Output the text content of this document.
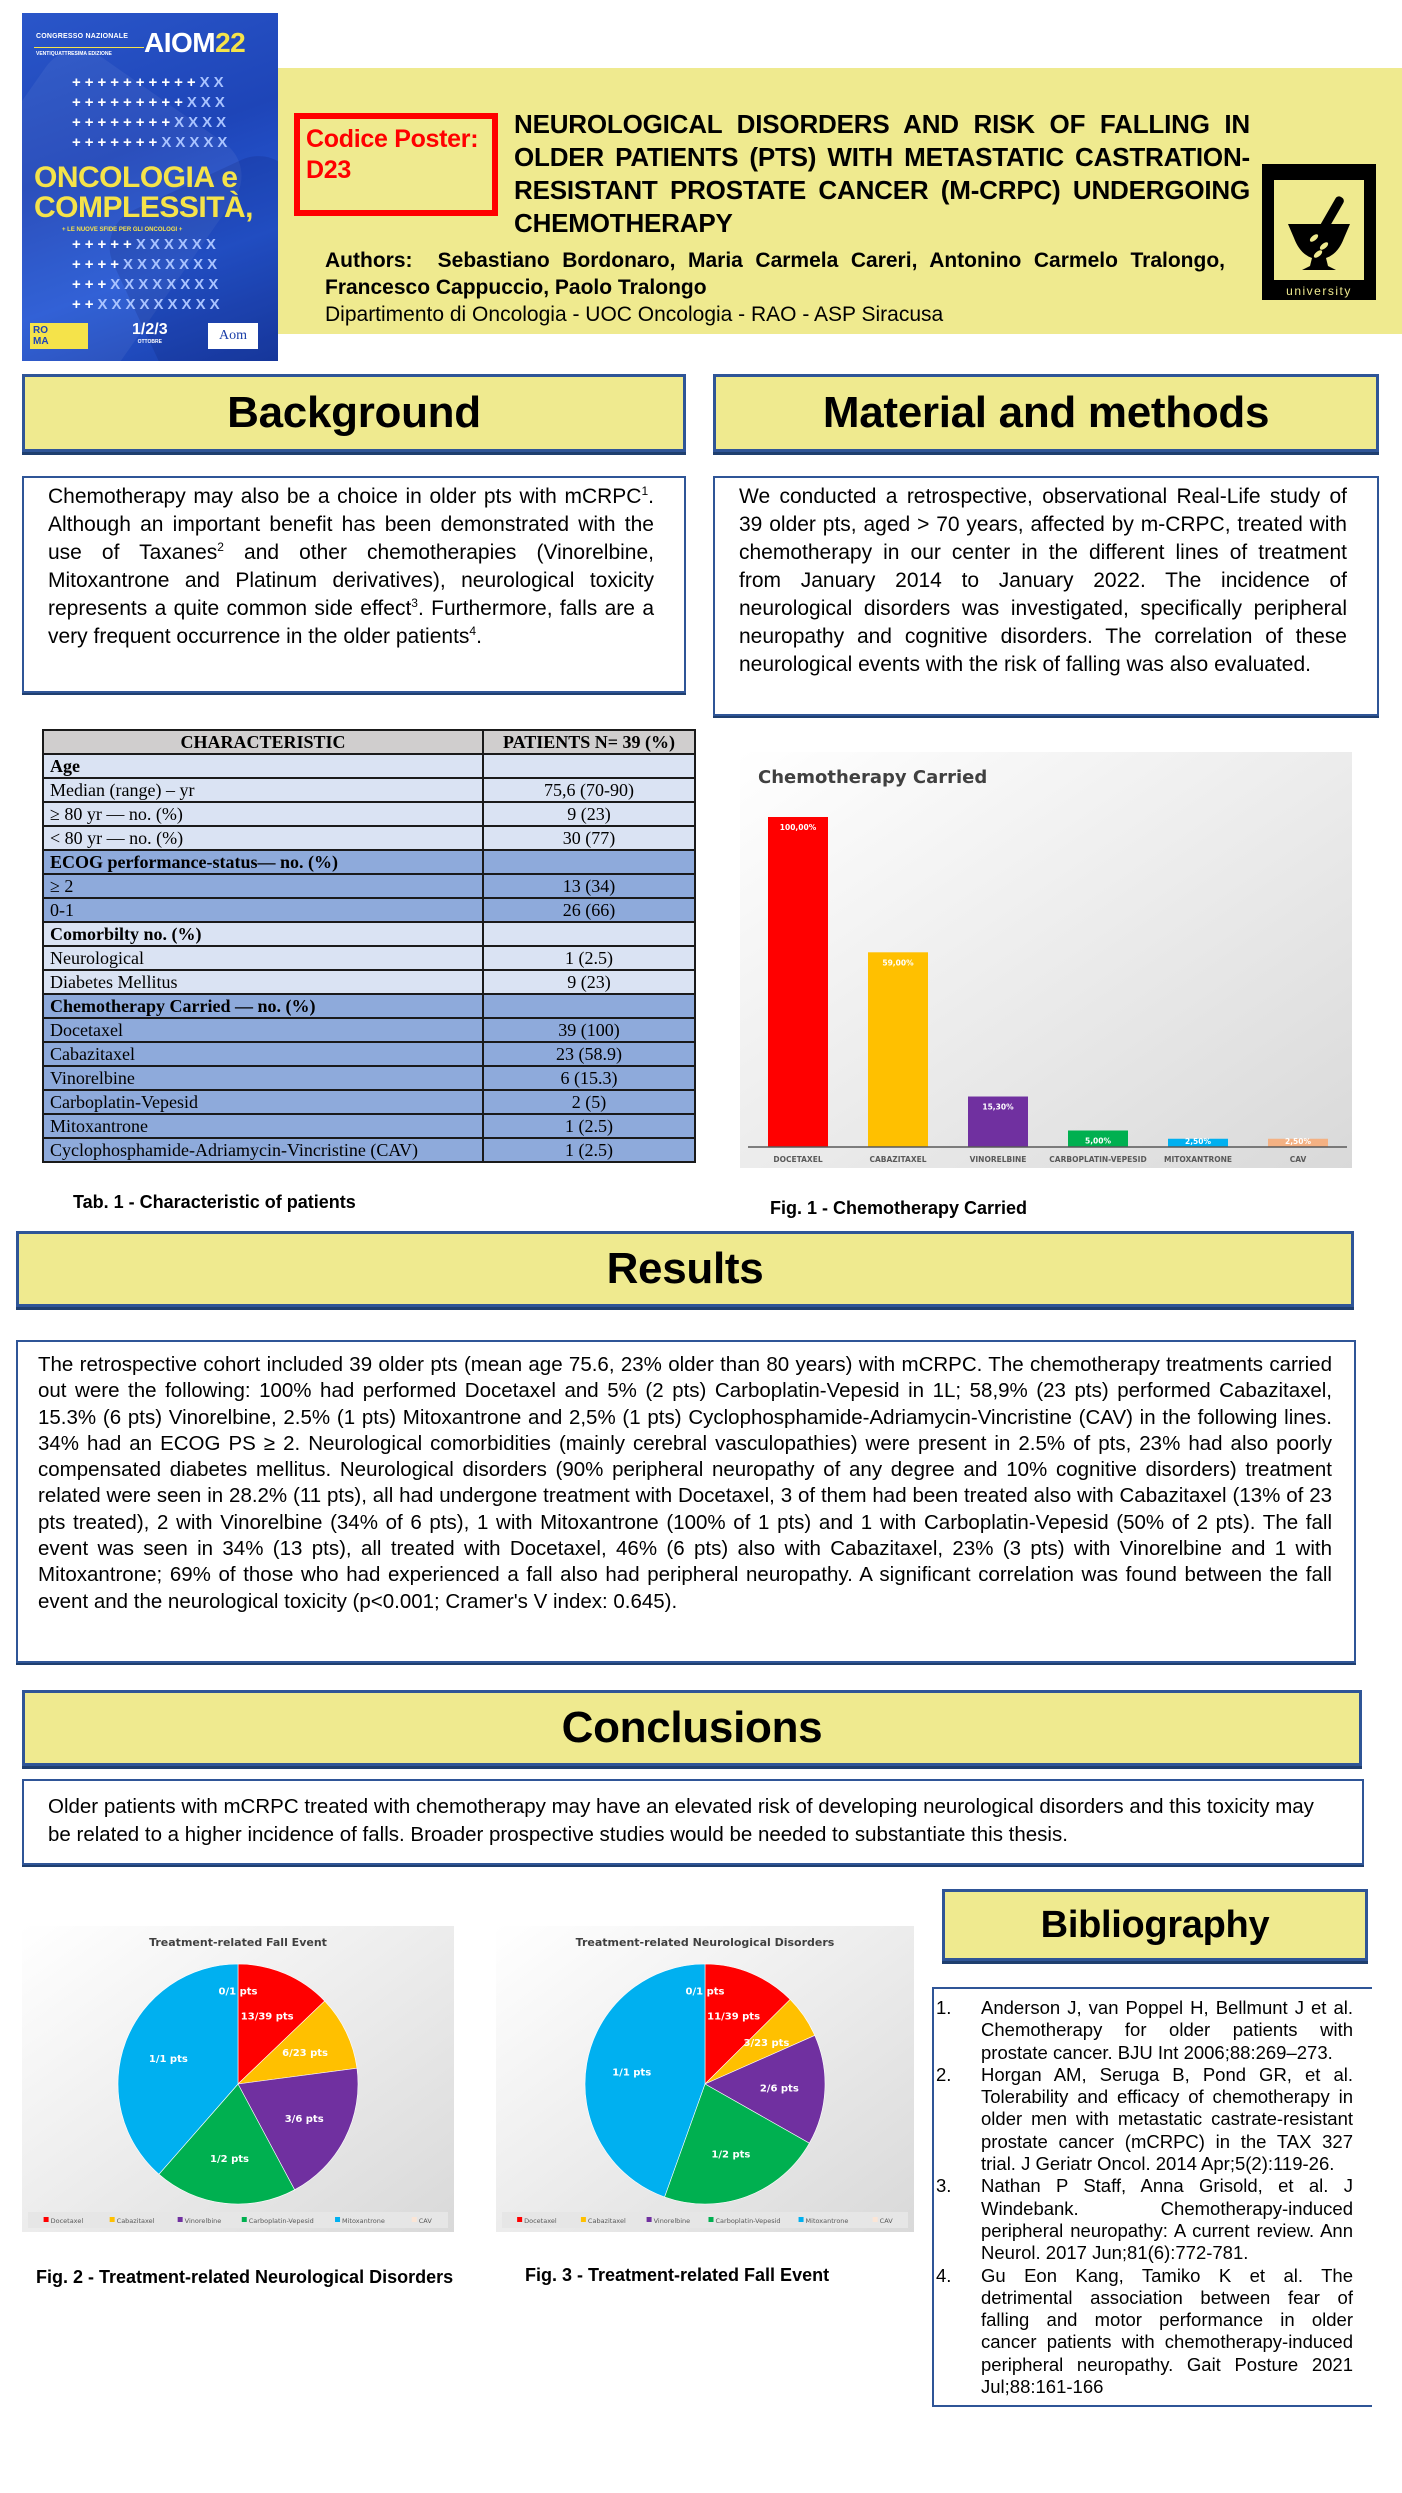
CONGRESSO NAZIONALE
VENTIQUATTRESIMA EDIZIONE AIOM22
++++++++++XX
+++++++++XXX
++++++++XXXX
+++++++XXXXX
ONCOLOGIA e
COMPLESSITÀ,
+ LE NUOVE SFIDE PER GLI ONCOLOGI +
+++++XXXXXX
++++XXXXXXX
+++XXXXXXXX
++XXXXXXXXX
RO MA
1/2/3
OTTOBRE	Aom
Codice Poster: D23
NEUROLOGICAL DISORDERS AND RISK OF FALLING IN OLDER PATIENTS (PTS) WITH METASTATIC CASTRATION-RESISTANT PROSTATE CANCER (M-CRPC) UNDERGOING CHEMOTHERAPY
Authors:  Sebastiano Bordonaro, Maria Carmela Careri, Antonino Carmelo Tralongo, Francesco Cappuccio, Paolo Tralongo
Dipartimento di Oncologia - UOC Oncologia - RAO - ASP Siracusa
university
Background	Material and methods
Chemotherapy may also be a choice in older pts with mCRPC$^1$. Although an important benefit has been demonstrated with the use of Taxanes$^2$ and other chemotherapies (Vinorelbine, Mitoxantrone and Platinum derivatives), neurological toxicity represents a quite common side effect$^3$. Furthermore, falls are a very frequent occurrence in the older patients$^4$.
We conducted a retrospective, observational Real-Life study of 39 older pts, aged > 70 years, affected by m-CRPC, treated with chemotherapy in our center in the different lines of treatment from January 2014 to January 2022. The incidence of neurological disorders was investigated, specifically peripheral neuropathy and cognitive disorders. The correlation of these neurological events with the risk of falling was also evaluated.
CHARACTERISTIC	PATIENTS N= 39 (%)
Age	
Median (range) – yr	75,6 (70-90)
≥ 80 yr — no. (%)	9 (23)
< 80 yr — no. (%)	30 (77)
ECOG performance-status— no. (%)	
≥ 2	13 (34)
0-1	26 (66)
Comorbilty no. (%)	
Neurological	1 (2.5)
Diabetes Mellitus	9 (23)
Chemotherapy Carried — no. (%)	
Docetaxel	39 (100)
Cabazitaxel	23 (58.9)
Vinorelbine	6 (15.3)
Carboplatin-Vepesid	2 (5)
Mitoxantrone	1 (2.5)
Cyclophosphamide-Adriamycin-Vincristine (CAV)	1 (2.5)
Tab. 1 - Characteristic of patients
Chemotherapy Carried
100,00%
DOCETAXEL
59,00%
CABAZITAXEL
15,30%
VINORELBINE
5,00%
CARBOPLATIN-VEPESID
2,50%
MITOXANTRONE
2,50%
CAV
Fig. 1 - Chemotherapy Carried
Results
The retrospective cohort included 39 older pts (mean age 75.6, 23% older than 80 years) with mCRPC. The chemotherapy treatments carried out were the following: 100% had performed Docetaxel and 5% (2 pts) Carboplatin-Vepesid in 1L; 58,9% (23 pts) performed Cabazitaxel, 15.3% (6 pts) Vinorelbine, 2.5% (1 pts) Mitoxantrone and 2,5% (1 pts) Cyclophosphamide-Adriamycin-Vincristine (CAV) in the following lines. 34% had an ECOG PS ≥ 2. Neurological comorbidities (mainly cerebral vasculopathies) were present in 2.5% of pts, 23% had also poorly compensated diabetes mellitus. Neurological disorders (90% peripheral neuropathy of any degree and 10% cognitive disorders) treatment related were seen in 28.2% (11 pts), all had undergone treatment with Docetaxel, 3 of them had been treated also with Cabazitaxel (13% of 23 pts treated), 2 with Vinorelbine (34% of 6 pts), 1 with Mitoxantrone (100% of 1 pts) and 1 with Carboplatin-Vepesid (50% of 2 pts). The fall event was seen in 34% (13 pts), all treated with Docetaxel, 46% (6 pts) also with Cabazitaxel, 23% (3 pts) with Vinorelbine and 1 with Mitoxantrone; 69% of those who had experienced a fall also had peripheral neuropathy. A significant correlation was found between the fall event and the neurological toxicity (p<0.001; Cramer's V index: 0.645).
Conclusions
Older patients with mCRPC treated with chemotherapy may have an elevated risk of developing neurological disorders and this toxicity may be related to a higher incidence of falls. Broader prospective studies would be needed to substantiate this thesis.
Treatment-related Fall Event
13/39 pts
6/23 pts
3/6 pts
1/2 pts
1/1 pts
0/1 pts
Docetaxel	Cabazitaxel	Vinorelbine	Carboplatin-Vepesid	Mitoxantrone	CAV
Treatment-related Neurological Disorders
11/39 pts
3/23 pts
2/6 pts
1/2 pts
1/1 pts
0/1 pts
Docetaxel	Cabazitaxel	Vinorelbine	Carboplatin-Vepesid	Mitoxantrone	CAV
Fig. 2 - Treatment-related Neurological Disorders	Fig. 3 - Treatment-related Fall Event
Bibliography
1.	Anderson J, van Poppel H, Bellmunt J et al. Chemotherapy for older patients with prostate cancer. BJU Int 2006;88:269–273.
2.	Horgan AM, Seruga B, Pond GR, et al. Tolerability and efficacy of chemotherapy in older men with metastatic castrate-resistant prostate cancer (mCRPC) in the TAX 327 trial. J Geriatr Oncol. 2014 Apr;5(2):119-26.
3.	Nathan P Staff, Anna Grisold, et al. J Windebank. Chemotherapy-induced peripheral neuropathy: A current review. Ann Neurol. 2017 Jun;81(6):772-781.
4.	Gu Eon Kang, Tamiko K et al. The detrimental association between fear of falling and motor performance in older cancer patients with chemotherapy-induced peripheral neuropathy. Gait Posture 2021 Jul;88:161-166
